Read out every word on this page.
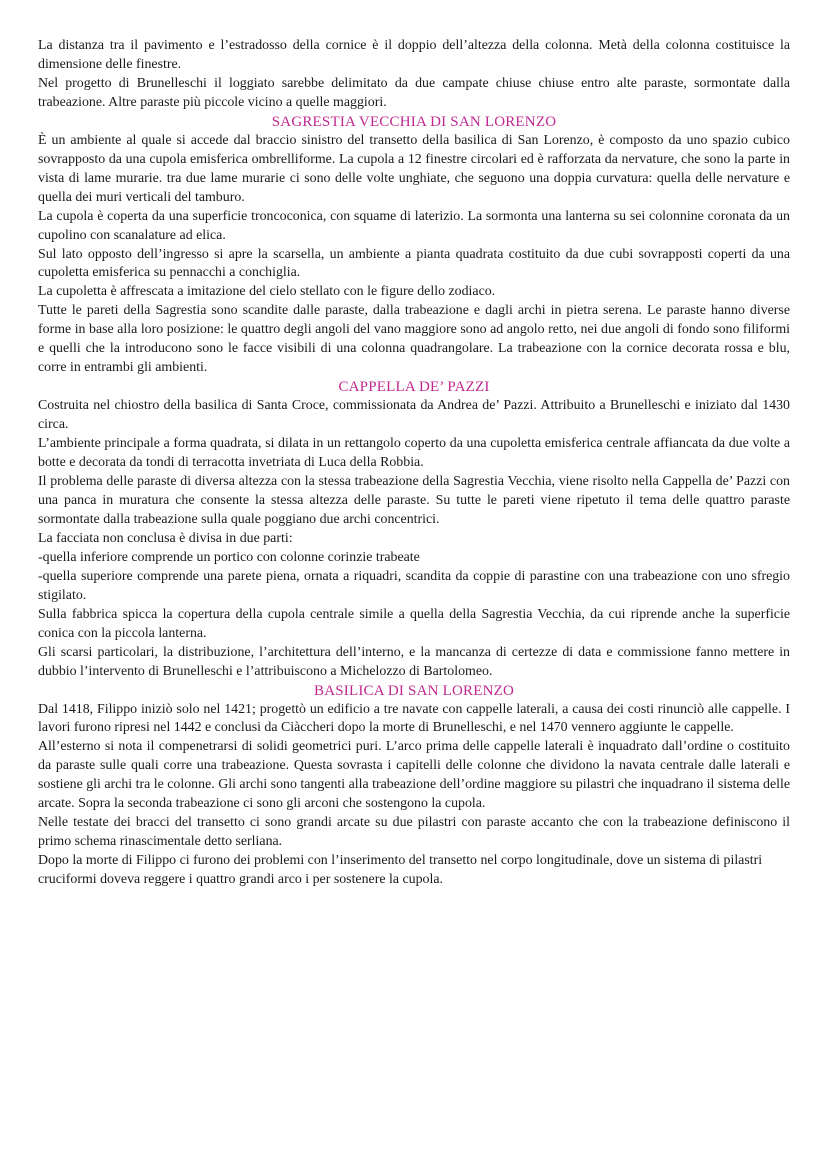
La distanza tra il pavimento e l’estradosso della cornice è il doppio dell’altezza della colonna. Metà della colonna costituisce la dimensione delle finestre.

Nel progetto di Brunelleschi il loggiato sarebbe delimitato da due campate chiuse chiuse entro alte paraste, sormontate dalla trabeazione. Altre paraste più piccole vicino a quelle maggiori.

SAGRESTIA VECCHIA DI SAN LORENZO

È un ambiente al quale si accede dal braccio sinistro del transetto della basilica di San Lorenzo, è composto da uno spazio cubico sovrapposto da una cupola emisferica ombrelliforme. La cupola a 12 finestre circolari ed è rafforzata da nervature, che sono la parte in vista di lame murarie. tra due lame murarie ci sono delle volte unghiate, che seguono una doppia curvatura: quella delle nervature e quella dei muri verticali del tamburo.

La cupola è coperta da una superficie troncoconica, con squame di laterizio. La sormonta una lanterna su sei colonnine coronata da un cupolino con scanalature ad elica.

Sul lato opposto dell’ingresso si apre la scarsella, un ambiente a pianta quadrata costituito da due cubi sovrapposti coperti da una cupoletta emisferica su pennacchi a conchiglia.

La cupoletta è affrescata a imitazione del cielo stellato con le figure dello zodiaco.

Tutte le pareti della Sagrestia sono scandite dalle paraste, dalla trabeazione e dagli archi in pietra serena. Le paraste hanno diverse forme in base alla loro posizione: le quattro degli angoli del vano maggiore sono ad angolo retto, nei due angoli di fondo sono filiformi e quelli che la introducono sono le facce visibili di una colonna quadrangolare. La trabeazione con la cornice decorata rossa e blu, corre in entrambi gli ambienti.

CAPPELLA DE’ PAZZI

Costruita nel chiostro della basilica di Santa Croce, commissionata da Andrea de’ Pazzi. Attribuito a Brunelleschi e iniziato dal 1430 circa.

L’ambiente principale a forma quadrata, si dilata in un rettangolo coperto da una cupoletta emisferica centrale affiancata da due volte a botte e decorata da tondi di terracotta invetriata di Luca della Robbia.

Il problema delle paraste di diversa altezza con la stessa trabeazione della Sagrestia Vecchia, viene risolto nella Cappella de’ Pazzi con una panca in muratura che consente la stessa altezza delle paraste. Su tutte le pareti viene ripetuto il tema delle quattro paraste sormontate dalla trabeazione sulla quale poggiano due archi concentrici.

La facciata non conclusa è divisa in due parti:

-quella inferiore comprende un portico con colonne corinzie trabeate

-quella superiore comprende una parete piena, ornata a riquadri, scandita da coppie di parastine con una trabeazione con uno sfregio stigilato.

Sulla fabbrica spicca la copertura della cupola centrale simile a quella della Sagrestia Vecchia, da cui riprende anche la superficie conica con la piccola lanterna.

Gli scarsi particolari, la distribuzione, l’architettura dell’interno, e la mancanza di certezze di data e commissione fanno mettere in dubbio l’intervento di Brunelleschi e l’attribuiscono a Michelozzo di Bartolomeo.

BASILICA DI SAN LORENZO

Dal 1418, Filippo iniziò solo nel 1421; progettò un edificio a tre navate con cappelle laterali, a causa dei costi rinunciò alle cappelle. I lavori furono ripresi nel 1442 e conclusi da Ciàccheri dopo la morte di Brunelleschi, e nel 1470 vennero aggiunte le cappelle.

All’esterno si nota il compenetrarsi di solidi geometrici puri. L’arco prima delle cappelle laterali è inquadrato dall’ordine o costituito da paraste sulle quali corre una trabeazione. Questa sovrasta i capitelli delle colonne che dividono la navata centrale dalle laterali e sostiene gli archi tra le colonne. Gli archi sono tangenti alla trabeazione dell’ordine maggiore su pilastri che inquadrano il sistema delle arcate. Sopra la seconda trabeazione ci sono gli arconi che sostengono la cupola.

Nelle testate dei bracci del transetto ci sono grandi arcate su due pilastri con paraste accanto che con la trabeazione definiscono il primo schema rinascimentale detto serliana.

Dopo la morte di Filippo ci furono dei problemi con l’inserimento del transetto nel corpo longitudinale, dove un sistema di pilastri cruciformi doveva reggere i quattro grandi arco i per sostenere la cupola.
